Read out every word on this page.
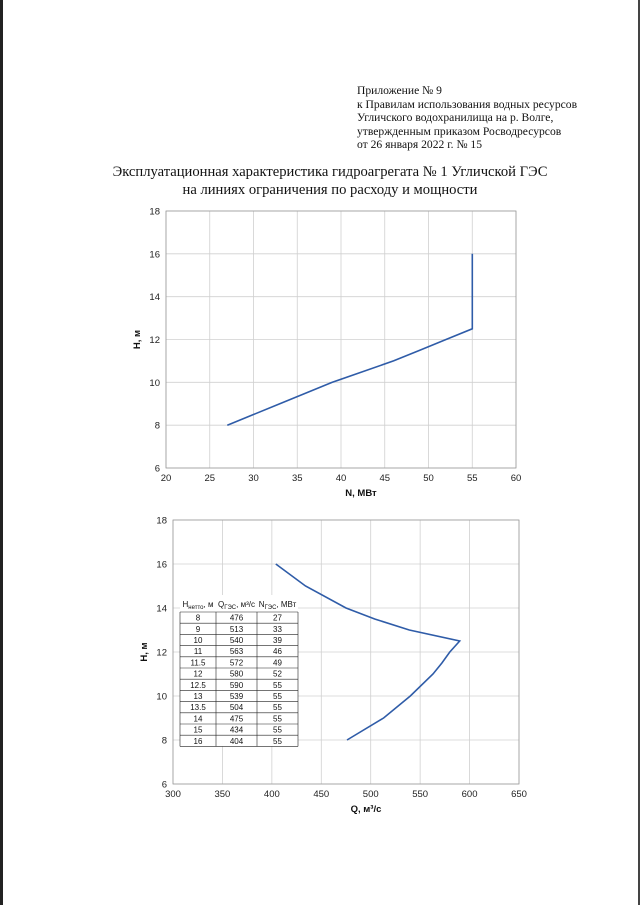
Приложение № 9
к Правилам использования водных ресурсов
Угличского водохранилища на р. Волге,
утвержденным приказом Росводресурсов
от 26 января 2022 г. № 15
Эксплуатационная характеристика гидроагрегата № 1 Угличской ГЭС
на линиях ограничения по расходу и мощности
20	25	30	35	40	45	50	55	60
6
8
10
12
14
16
18
N, МВт
Н, м
300	350	400	450	500	550	600	650
6
8
10
12
14
16
18
Q, м³/с
Н, м
$Н_{нетто}$, м $Q_{ГЭС}$, м³/с $N_{ГЭС}$, МВт
8	476	27
9	513	33
10	540	39
11	563	46
11.5	572	49
12	580	52
12.5	590	55
13	539	55
13.5	504	55
14	475	55
15	434	55
16	404	55
